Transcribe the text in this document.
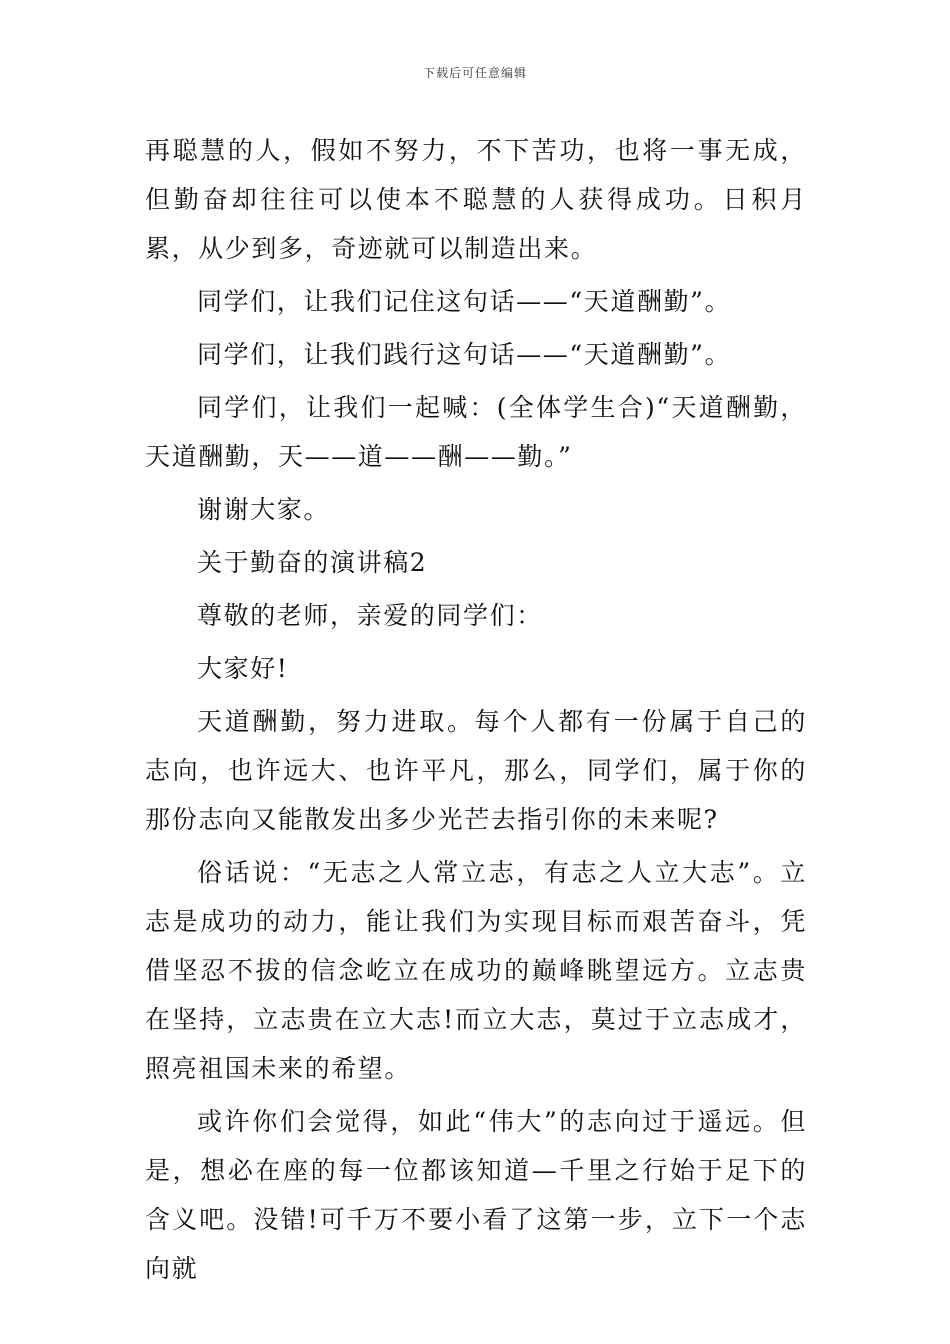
下载后可任意编辑

再聪慧的人，假如不努力，不下苦功，也将一事无成，但勤奋却往往可以使本不聪慧的人获得成功。日积月累，从少到多，奇迹就可以制造出来。

同学们，让我们记住这句话——“天道酬勤”。

同学们，让我们践行这句话——“天道酬勤”。

同学们，让我们一起喊：(全体学生合)“天道酬勤，天道酬勤，天——道——酬——勤。”

谢谢大家。

关于勤奋的演讲稿2

尊敬的老师，亲爱的同学们：

大家好!

天道酬勤，努力进取。每个人都有一份属于自己的志向，也许远大、也许平凡，那么，同学们，属于你的那份志向又能散发出多少光芒去指引你的未来呢?

俗话说：“无志之人常立志，有志之人立大志”。立志是成功的动力，能让我们为实现目标而艰苦奋斗，凭借坚忍不拔的信念屹立在成功的巅峰眺望远方。立志贵在坚持，立志贵在立大志!而立大志，莫过于立志成才，照亮祖国未来的希望。

或许你们会觉得，如此“伟大”的志向过于遥远。但是，想必在座的每一位都该知道—千里之行始于足下的含义吧。没错!可千万不要小看了这第一步，立下一个志向就
